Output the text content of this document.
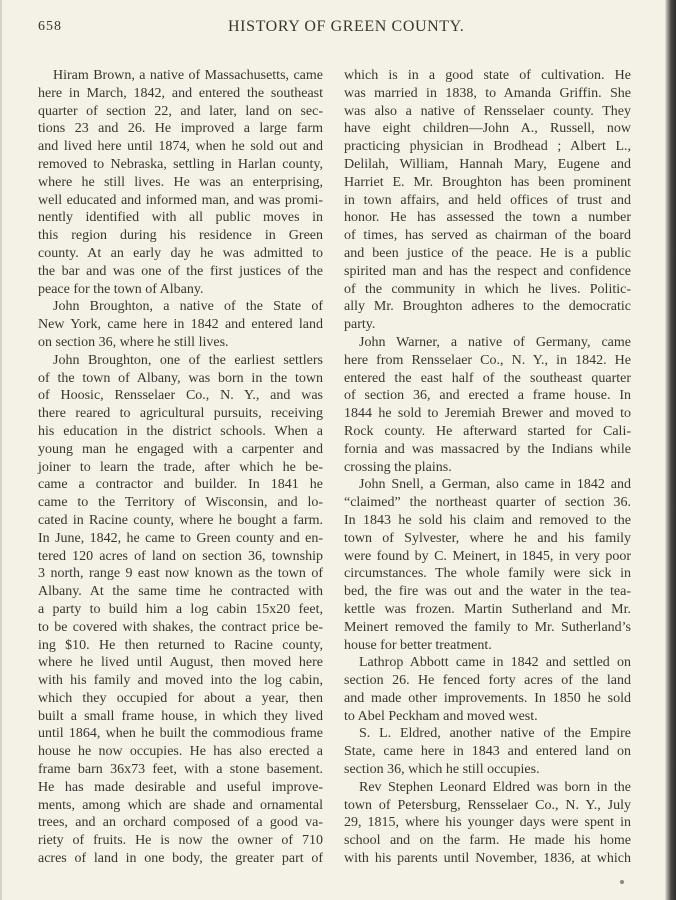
658	HISTORY OF GREEN COUNTY.
Hiram Brown, a native of Massachusetts, came
here in March, 1842, and entered the southeast
quarter of section 22, and later, land on sec-
tions 23 and 26. He improved a large farm
and lived here until 1874, when he sold out and
removed to Nebraska, settling in Harlan county,
where he still lives. He was an enterprising,
well educated and informed man, and was promi-
nently identified with all public moves in
this region during his residence in Green
county. At an early day he was admitted to
the bar and was one of the first justices of the
peace for the town of Albany.
John Broughton, a native of the State of
New York, came here in 1842 and entered land
on section 36, where he still lives.
John Broughton, one of the earliest settlers
of the town of Albany, was born in the town
of Hoosic, Rensselaer Co., N. Y., and was
there reared to agricultural pursuits, receiving
his education in the district schools. When a
young man he engaged with a carpenter and
joiner to learn the trade, after which he be-
came a contractor and builder. In 1841 he
came to the Territory of Wisconsin, and lo-
cated in Racine county, where he bought a farm.
In June, 1842, he came to Green county and en-
tered 120 acres of land on section 36, township
3 north, range 9 east now known as the town of
Albany. At the same time he contracted with
a party to build him a log cabin 15x20 feet,
to be covered with shakes, the contract price be-
ing $10. He then returned to Racine county,
where he lived until August, then moved here
with his family and moved into the log cabin,
which they occupied for about a year, then
built a small frame house, in which they lived
until 1864, when he built the commodious frame
house he now occupies. He has also erected a
frame barn 36x73 feet, with a stone basement.
He has made desirable and useful improve-
ments, among which are shade and ornamental
trees, and an orchard composed of a good va-
riety of fruits. He is now the owner of 710
acres of land in one body, the greater part of
which is in a good state of cultivation. He
was married in 1838, to Amanda Griffin. She
was also a native of Rensselaer county. They
have eight children—John A., Russell, now
practicing physician in Brodhead ; Albert L.,
Delilah, William, Hannah Mary, Eugene and
Harriet E. Mr. Broughton has been prominent
in town affairs, and held offices of trust and
honor. He has assessed the town a number
of times, has served as chairman of the board
and been justice of the peace. He is a public
spirited man and has the respect and confidence
of the community in which he lives. Politic-
ally Mr. Broughton adheres to the democratic
party.
John Warner, a native of Germany, came
here from Rensselaer Co., N. Y., in 1842. He
entered the east half of the southeast quarter
of section 36, and erected a frame house. In
1844 he sold to Jeremiah Brewer and moved to
Rock county. He afterward started for Cali-
fornia and was massacred by the Indians while
crossing the plains.
John Snell, a German, also came in 1842 and
“claimed” the northeast quarter of section 36.
In 1843 he sold his claim and removed to the
town of Sylvester, where he and his family
were found by C. Meinert, in 1845, in very poor
circumstances. The whole family were sick in
bed, the fire was out and the water in the tea-
kettle was frozen. Martin Sutherland and Mr.
Meinert removed the family to Mr. Sutherland’s
house for better treatment.
Lathrop Abbott came in 1842 and settled on
section 26. He fenced forty acres of the land
and made other improvements. In 1850 he sold
to Abel Peckham and moved west.
S. L. Eldred, another native of the Empire
State, came here in 1843 and entered land on
section 36, which he still occupies.
Rev Stephen Leonard Eldred was born in the
town of Petersburg, Rensselaer Co., N. Y., July
29, 1815, where his younger days were spent in
school and on the farm. He made his home
with his parents until November, 1836, at which
